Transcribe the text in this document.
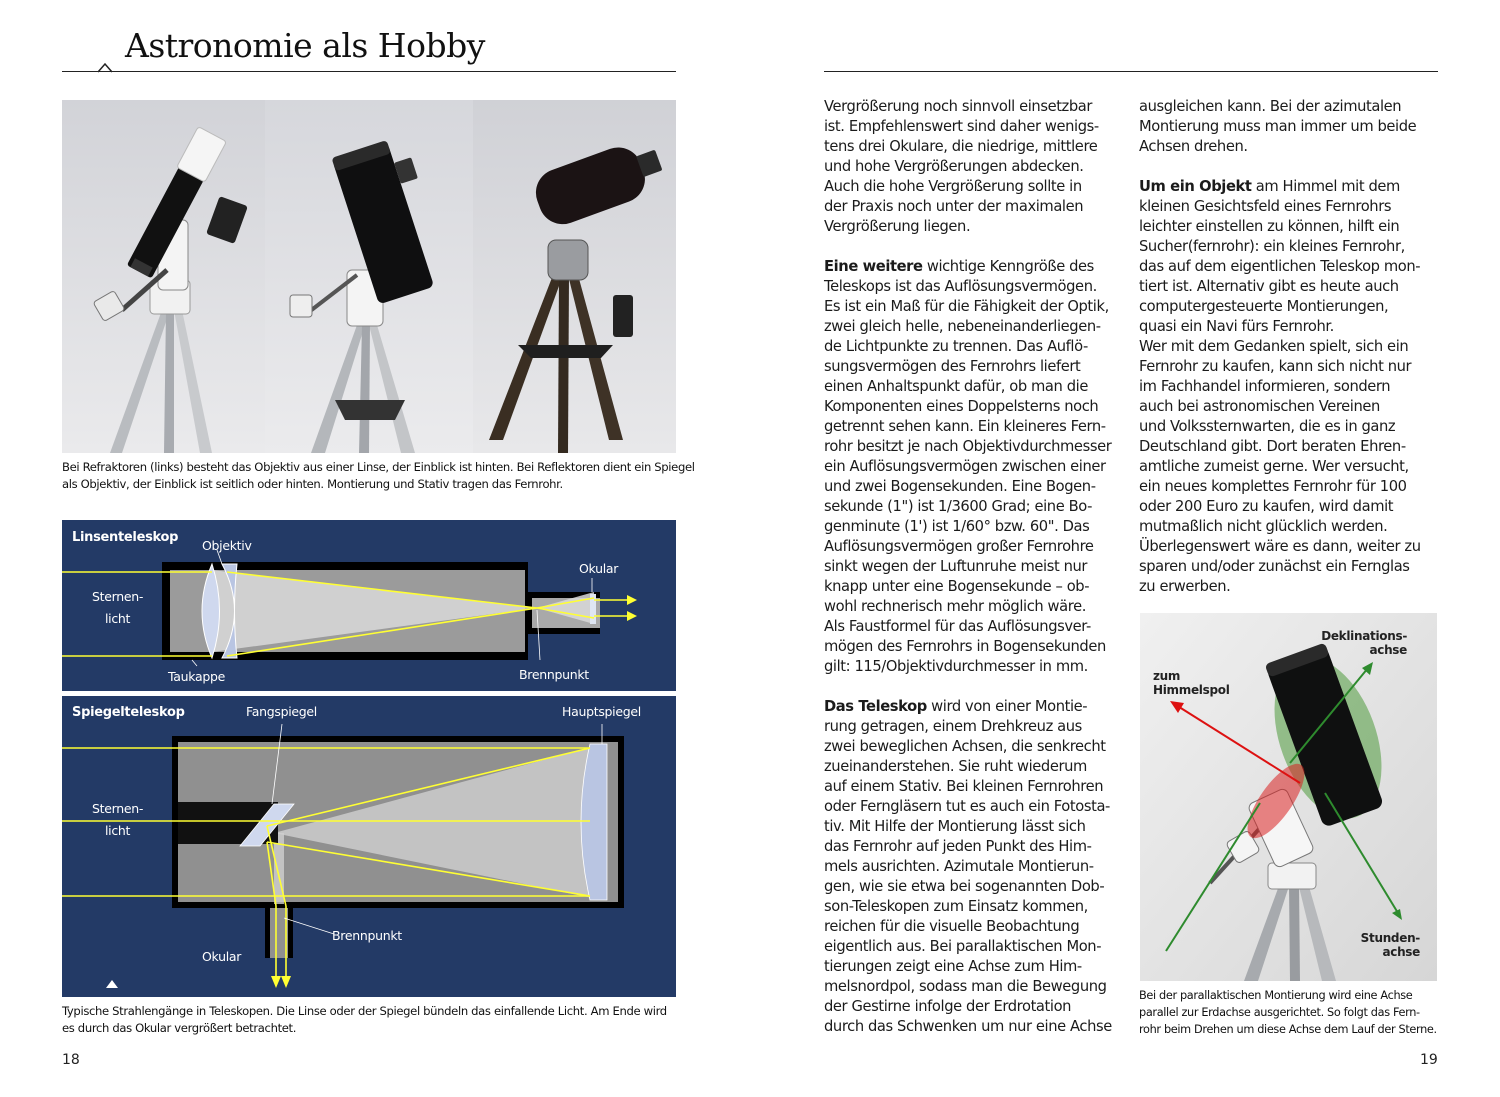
Astronomie als Hobby
Bei Refraktoren (links) besteht das Objektiv aus einer Linse, der Einblick ist hinten. Bei Reflektoren dient ein Spiegel
als Objektiv, der Einblick ist seitlich oder hinten. Montierung und Stativ tragen das Fernrohr.
Linsenteleskop
Objektiv
Sternen-
licht
Okular
Taukappe	Brennpunkt
Spiegelteleskop	Fangspiegel	Hauptspiegel
Sternen-
licht
Brennpunkt
Okular
Typische Strahlengänge in Teleskopen. Die Linse oder der Spiegel bündeln das einfallende Licht. Am Ende wird
es durch das Okular vergrößert betrachtet.
18

Vergrößerung noch sinnvoll einsetzbar

ist. Empfehlenswert sind daher wenigs-

tens drei Okulare, die niedrige, mittlere

und hohe Vergrößerungen abdecken.

Auch die hohe Vergrößerung sollte in

der Praxis noch unter der maximalen

Vergrößerung liegen.

Eine weitere wichtige Kenngröße des

Teleskops ist das Auflösungsvermögen.

Es ist ein Maß für die Fähigkeit der Optik,

zwei gleich helle, nebeneinanderliegen-

de Lichtpunkte zu trennen. Das Auflö-

sungsvermögen des Fernrohrs liefert

einen Anhaltspunkt dafür, ob man die

Komponenten eines Doppelsterns noch

getrennt sehen kann. Ein kleineres Fern-

rohr besitzt je nach Objektivdurchmesser

ein Auflösungsvermögen zwischen einer

und zwei Bogensekunden. Eine Bogen-

sekunde (1") ist 1/3600 Grad; eine Bo-

genminute (1') ist 1/60° bzw. 60". Das

Auflösungsvermögen großer Fernrohre

sinkt wegen der Luftunruhe meist nur

knapp unter eine Bogensekunde – ob-

wohl rechnerisch mehr möglich wäre.

Als Faustformel für das Auflösungsver-

mögen des Fernrohrs in Bogensekunden

gilt: 115/Objektivdurchmesser in mm.

Das Teleskop wird von einer Montie-

rung getragen, einem Drehkreuz aus

zwei beweglichen Achsen, die senkrecht

zueinanderstehen. Sie ruht wiederum

auf einem Stativ. Bei kleinen Fernrohren

oder Ferngläsern tut es auch ein Fotosta-

tiv. Mit Hilfe der Montierung lässt sich

das Fernrohr auf jeden Punkt des Him-

mels ausrichten. Azimutale Montierun-

gen, wie sie etwa bei sogenannten Dob-

son-Teleskopen zum Einsatz kommen,

reichen für die visuelle Beobachtung

eigentlich aus. Bei parallaktischen Mon-

tierungen zeigt eine Achse zum Him-

melsnordpol, sodass man die Bewegung

der Gestirne infolge der Erdrotation

durch das Schwenken um nur eine Achse

ausgleichen kann. Bei der azimutalen

Montierung muss man immer um beide

Achsen drehen.

Um ein Objekt am Himmel mit dem

kleinen Gesichtsfeld eines Fernrohrs

leichter einstellen zu können, hilft ein

Sucher(fernrohr): ein kleines Fernrohr,

das auf dem eigentlichen Teleskop mon-

tiert ist. Alternativ gibt es heute auch

computergesteuerte Montierungen,

quasi ein Navi fürs Fernrohr.

Wer mit dem Gedanken spielt, sich ein

Fernrohr zu kaufen, kann sich nicht nur

im Fachhandel informieren, sondern

auch bei astronomischen Vereinen

und Volkssternwarten, die es in ganz

Deutschland gibt. Dort beraten Ehren-

amtliche zumeist gerne. Wer versucht,

ein neues komplettes Fernrohr für 100

oder 200 Euro zu kaufen, wird damit

mutmaßlich nicht glücklich werden.

Überlegenswert wäre es dann, weiter zu

sparen und/oder zunächst ein Fernglas

zu erwerben.

Deklinations-
achse
zum
Himmelspol
Stunden-
achse
Bei der parallaktischen Montierung wird eine Achse
parallel zur Erdachse ausgerichtet. So folgt das Fern-
rohr beim Drehen um diese Achse dem Lauf der Sterne.
19
